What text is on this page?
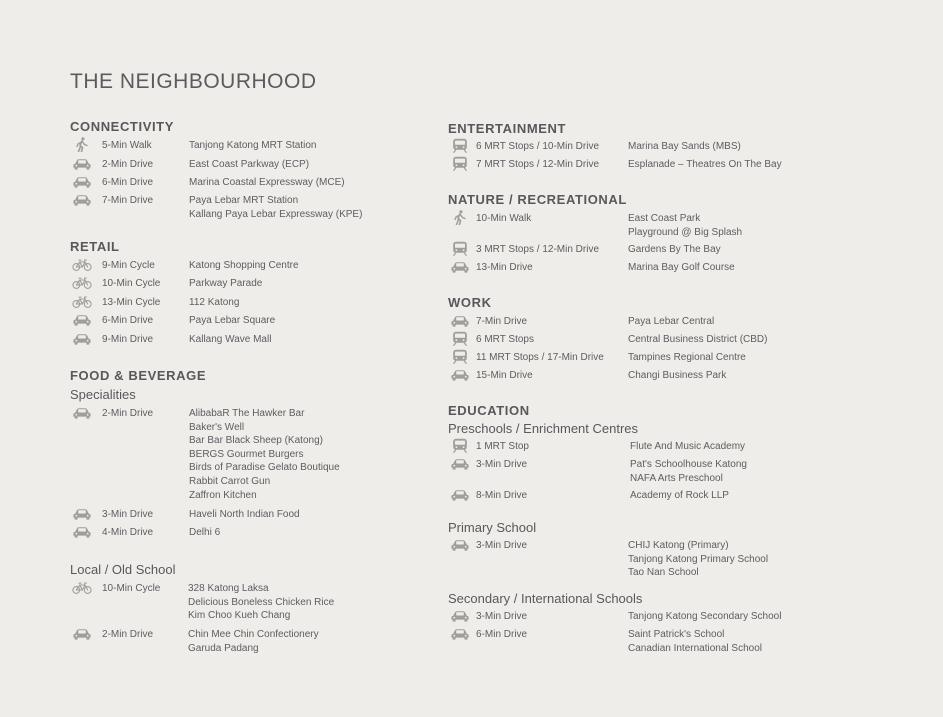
THE NEIGHBOURHOOD
CONNECTIVITY
5-Min Walk	Tanjong Katong MRT Station
2-Min Drive	East Coast Parkway (ECP)
6-Min Drive	Marina Coastal Expressway (MCE)
7-Min Drive	Paya Lebar MRT Station
Kallang Paya Lebar Expressway (KPE)
RETAIL
9-Min Cycle	Katong Shopping Centre
10-Min Cycle	Parkway Parade
13-Min Cycle	112 Katong
6-Min Drive	Paya Lebar Square
9-Min Drive	Kallang Wave Mall
FOOD & BEVERAGE
Specialities
2-Min Drive	AlibabaR The Hawker Bar
Baker's Well
Bar Bar Black Sheep (Katong)
BERGS Gourmet Burgers
Birds of Paradise Gelato Boutique
Rabbit Carrot Gun
Zaffron Kitchen
3-Min Drive	Haveli North Indian Food
4-Min Drive	Delhi 6
Local / Old School
10-Min Cycle	328 Katong Laksa
Delicious Boneless Chicken Rice
Kim Choo Kueh Chang
2-Min Drive	Chin Mee Chin Confectionery
Garuda Padang
ENTERTAINMENT
6 MRT Stops / 10-Min Drive	Marina Bay Sands (MBS)
7 MRT Stops / 12-Min Drive	Esplanade – Theatres On The Bay
NATURE / RECREATIONAL
10-Min Walk	East Coast Park
Playground @ Big Splash
3 MRT Stops / 12-Min Drive	Gardens By The Bay
13-Min Drive	Marina Bay Golf Course
WORK
7-Min Drive	Paya Lebar Central
6 MRT Stops	Central Business District (CBD)
11 MRT Stops / 17-Min Drive Tampines Regional Centre
15-Min Drive	Changi Business Park
EDUCATION
Preschools / Enrichment Centres
1 MRT Stop	Flute And Music Academy
3-Min Drive	Pat's Schoolhouse Katong
NAFA Arts Preschool
8-Min Drive	Academy of Rock LLP
Primary School
3-Min Drive	CHIJ Katong (Primary)
Tanjong Katong Primary School
Tao Nan School
Secondary / International Schools
3-Min Drive	Tanjong Katong Secondary School
6-Min Drive	Saint Patrick's School
Canadian International School
